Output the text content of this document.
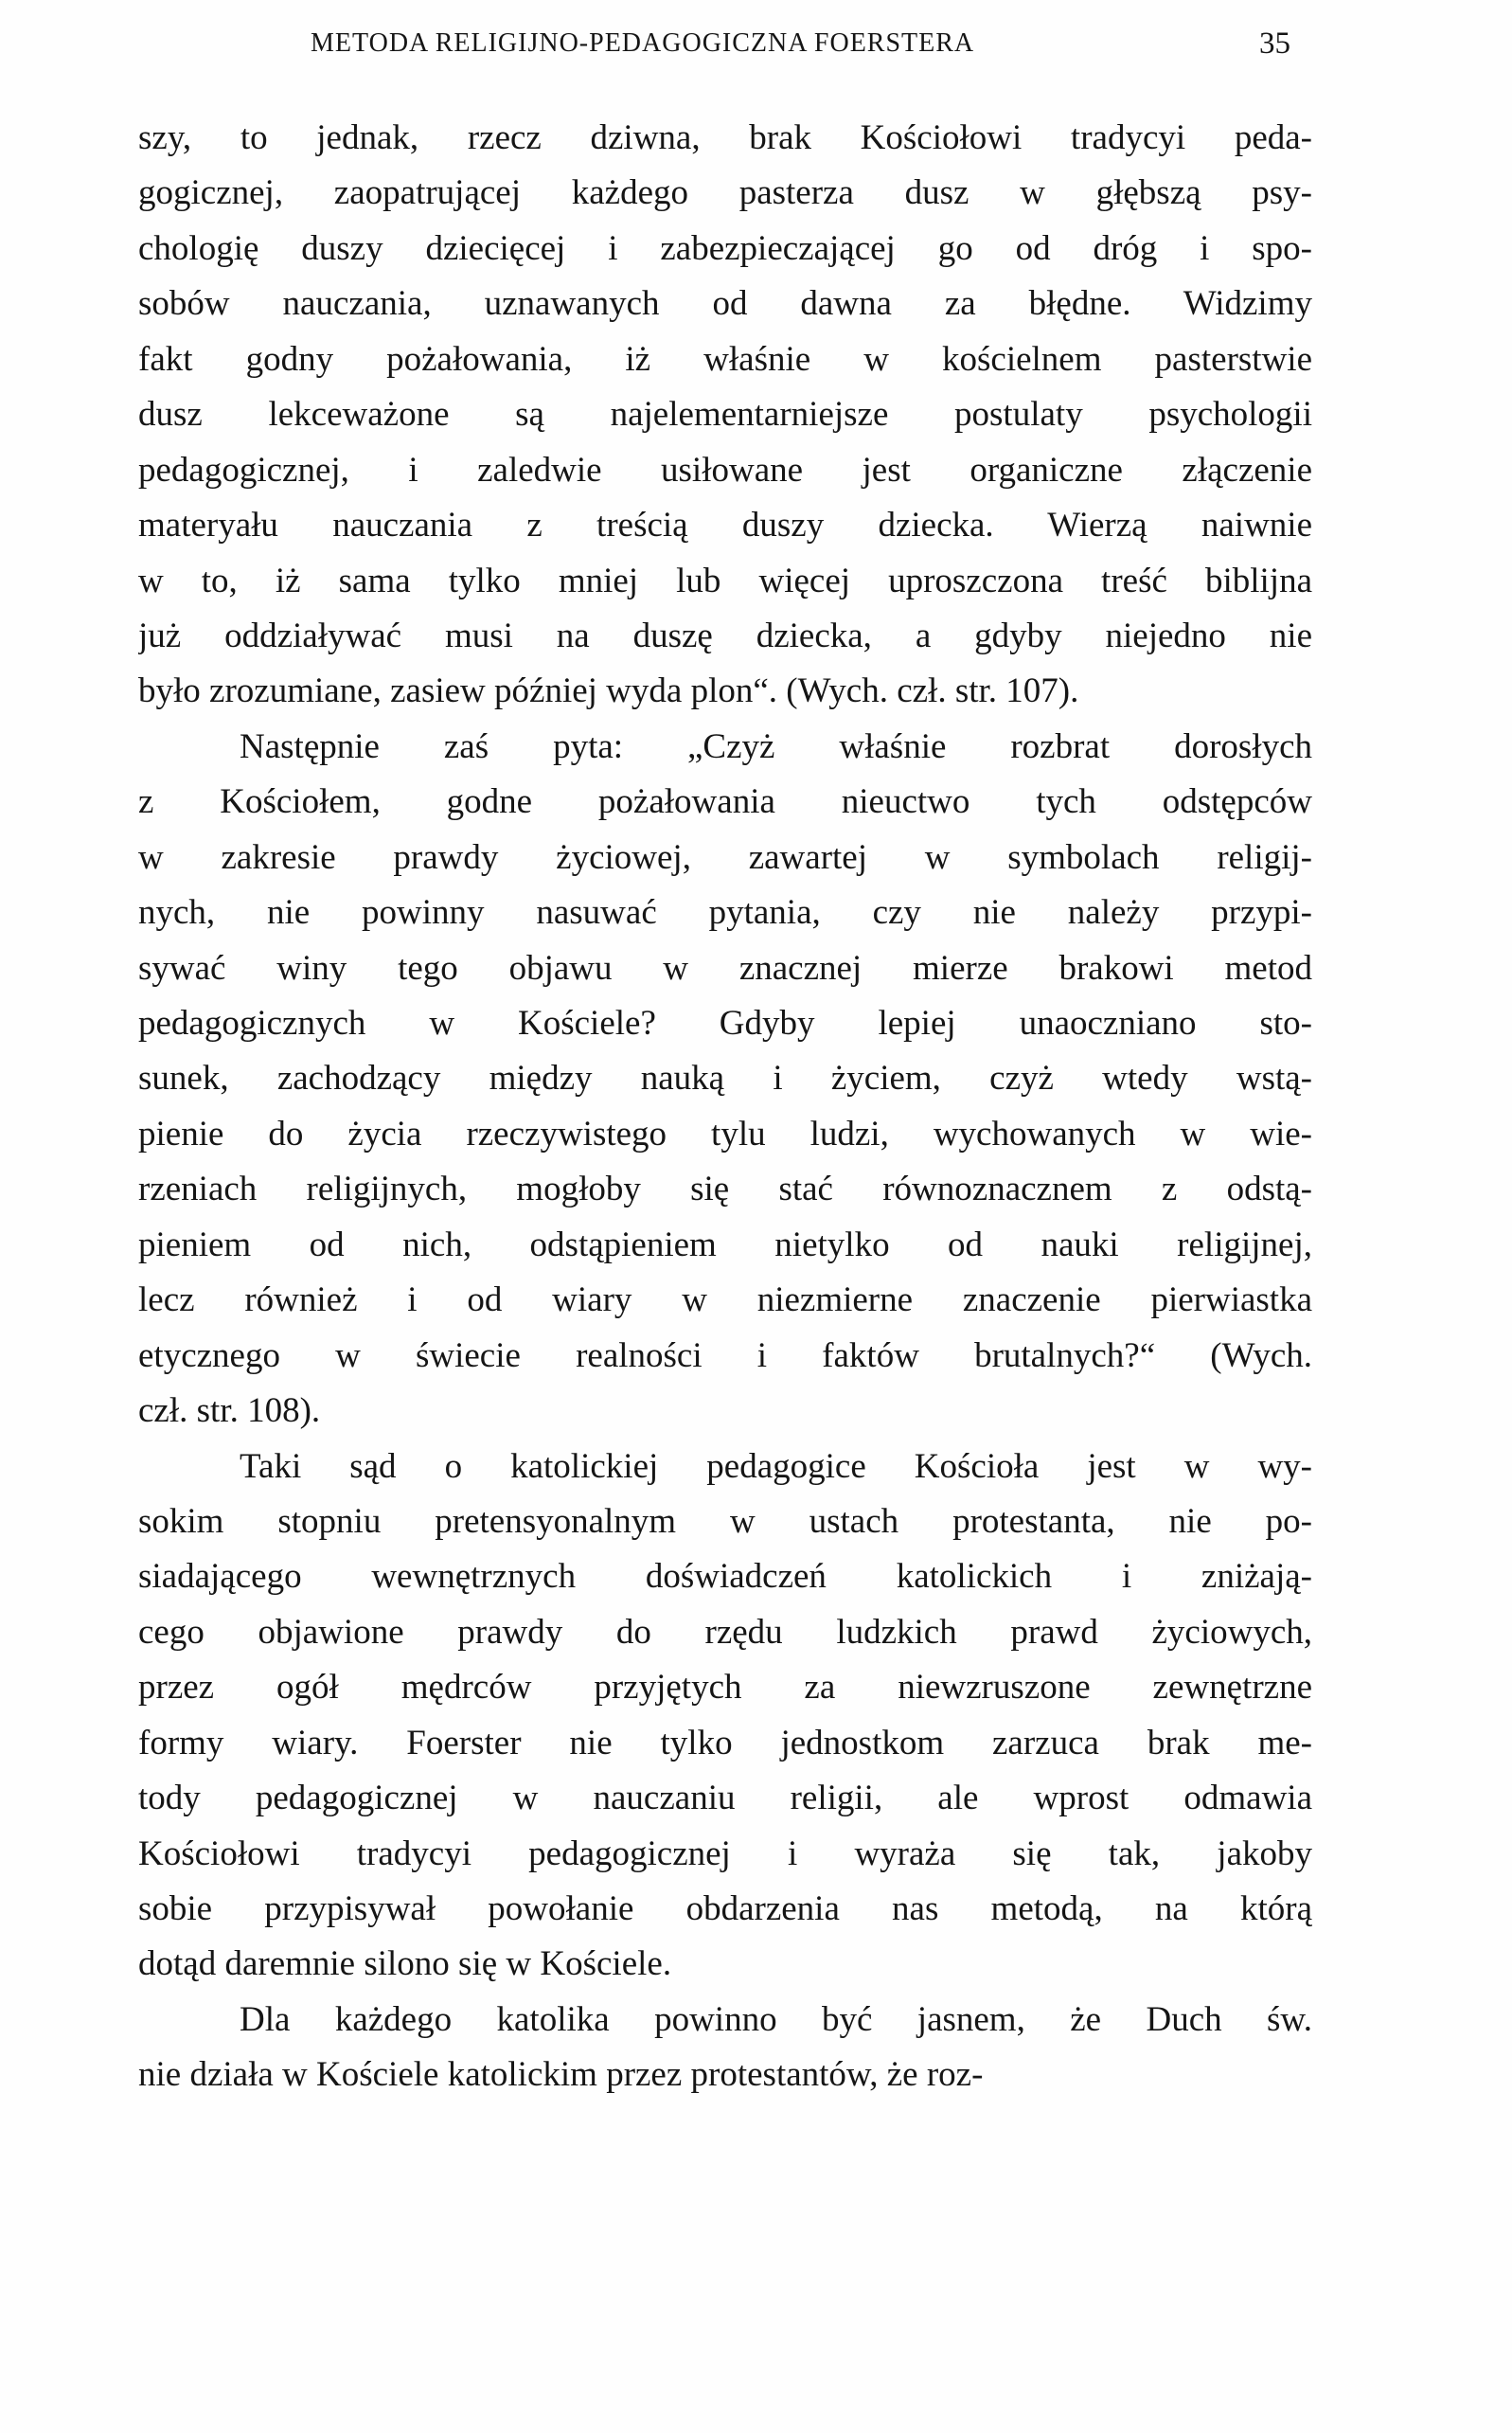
METODA RELIGIJNO-PEDAGOGICZNA FOERSTERA	35
szy, to jednak, rzecz dziwna, brak Kościołowi tradycyi peda-
gogicznej, zaopatrującej każdego pasterza dusz w głębszą psy-
chologię duszy dziecięcej i zabezpieczającej go od dróg i spo-
sobów nauczania, uznawanych od dawna za błędne. Widzimy
fakt godny pożałowania, iż właśnie w kościelnem pasterstwie
dusz lekceważone są najelementarniejsze postulaty psychologii
pedagogicznej, i zaledwie usiłowane jest organiczne złączenie
materyału nauczania z treścią duszy dziecka. Wierzą naiwnie
w to, iż sama tylko mniej lub więcej uproszczona treść biblijna
już oddziaływać musi na duszę dziecka, a gdyby niejedno nie
było zrozumiane, zasiew później wyda plon“. (Wych. czł. str. 107).
Następnie zaś pyta: „Czyż właśnie rozbrat dorosłych
z Kościołem, godne pożałowania nieuctwo tych odstępców
w zakresie prawdy życiowej, zawartej w symbolach religij-
nych, nie powinny nasuwać pytania, czy nie należy przypi-
sywać winy tego objawu w znacznej mierze brakowi metod
pedagogicznych w Kościele? Gdyby lepiej unaoczniano sto-
sunek, zachodzący między nauką i życiem, czyż wtedy wstą-
pienie do życia rzeczywistego tylu ludzi, wychowanych w wie-
rzeniach religijnych, mogłoby się stać równoznacznem z odstą-
pieniem od nich, odstąpieniem nietylko od nauki religijnej,
lecz również i od wiary w niezmierne znaczenie pierwiastka
etycznego w świecie realności i faktów brutalnych?“ (Wych.
czł. str. 108).
Taki sąd o katolickiej pedagogice Kościoła jest w wy-
sokim stopniu pretensyonalnym w ustach protestanta, nie po-
siadającego wewnętrznych doświadczeń katolickich i zniżają-
cego objawione prawdy do rzędu ludzkich prawd życiowych,
przez ogół mędrców przyjętych za niewzruszone zewnętrzne
formy wiary. Foerster nie tylko jednostkom zarzuca brak me-
tody pedagogicznej w nauczaniu religii, ale wprost odmawia
Kościołowi tradycyi pedagogicznej i wyraża się tak, jakoby
sobie przypisywał powołanie obdarzenia nas metodą, na którą
dotąd daremnie silono się w Kościele.
Dla każdego katolika powinno być jasnem, że Duch św.
nie działa w Kościele katolickim przez protestantów, że roz-
